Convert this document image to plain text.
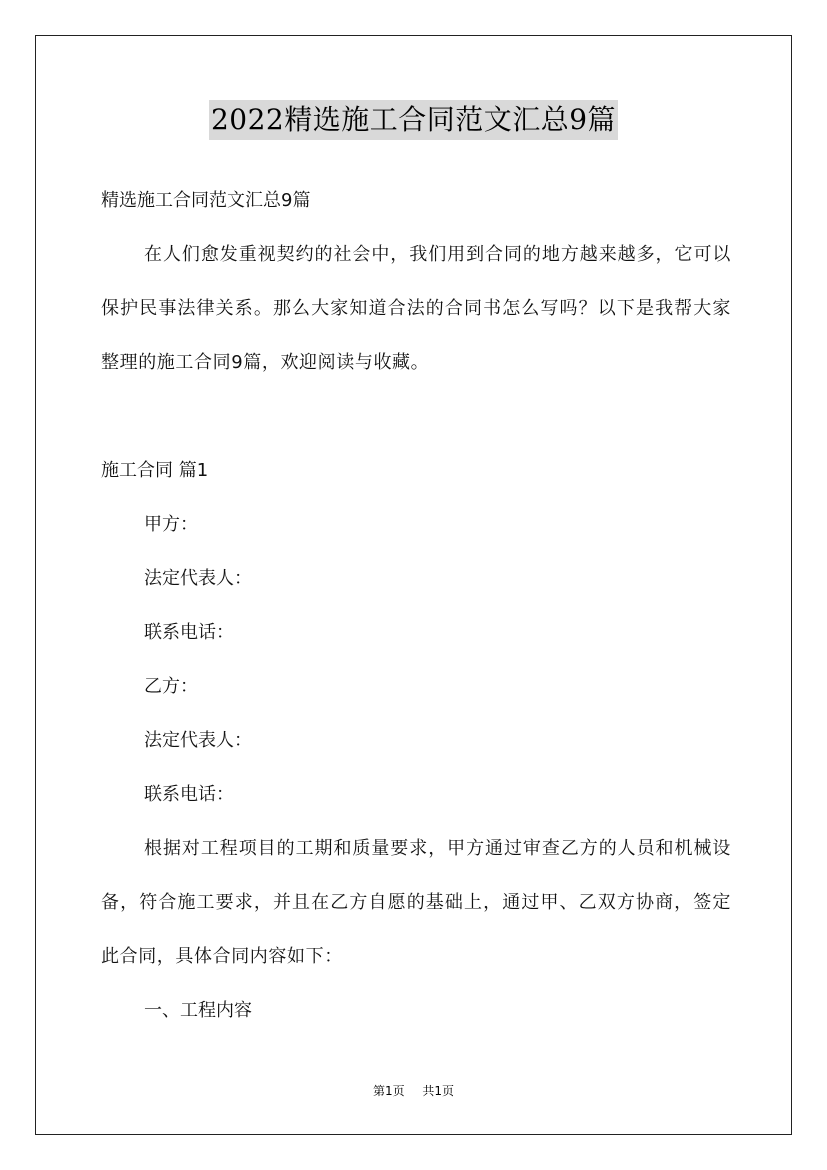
2022精选施工合同范文汇总9篇

精选施工合同范文汇总9篇

在人们愈发重视契约的社会中，我们用到合同的地方越来越多，它可以保护民事法律关系。那么大家知道合法的合同书怎么写吗？以下是我帮大家整理的施工合同9篇，欢迎阅读与收藏。

施工合同 篇1

甲方：

法定代表人：

联系电话：

乙方：

法定代表人：

联系电话：

根据对工程项目的工期和质量要求，甲方通过审查乙方的人员和机械设备，符合施工要求，并且在乙方自愿的基础上，通过甲、乙双方协商，签定此合同，具体合同内容如下：

一、工程内容

第1页 共1页
